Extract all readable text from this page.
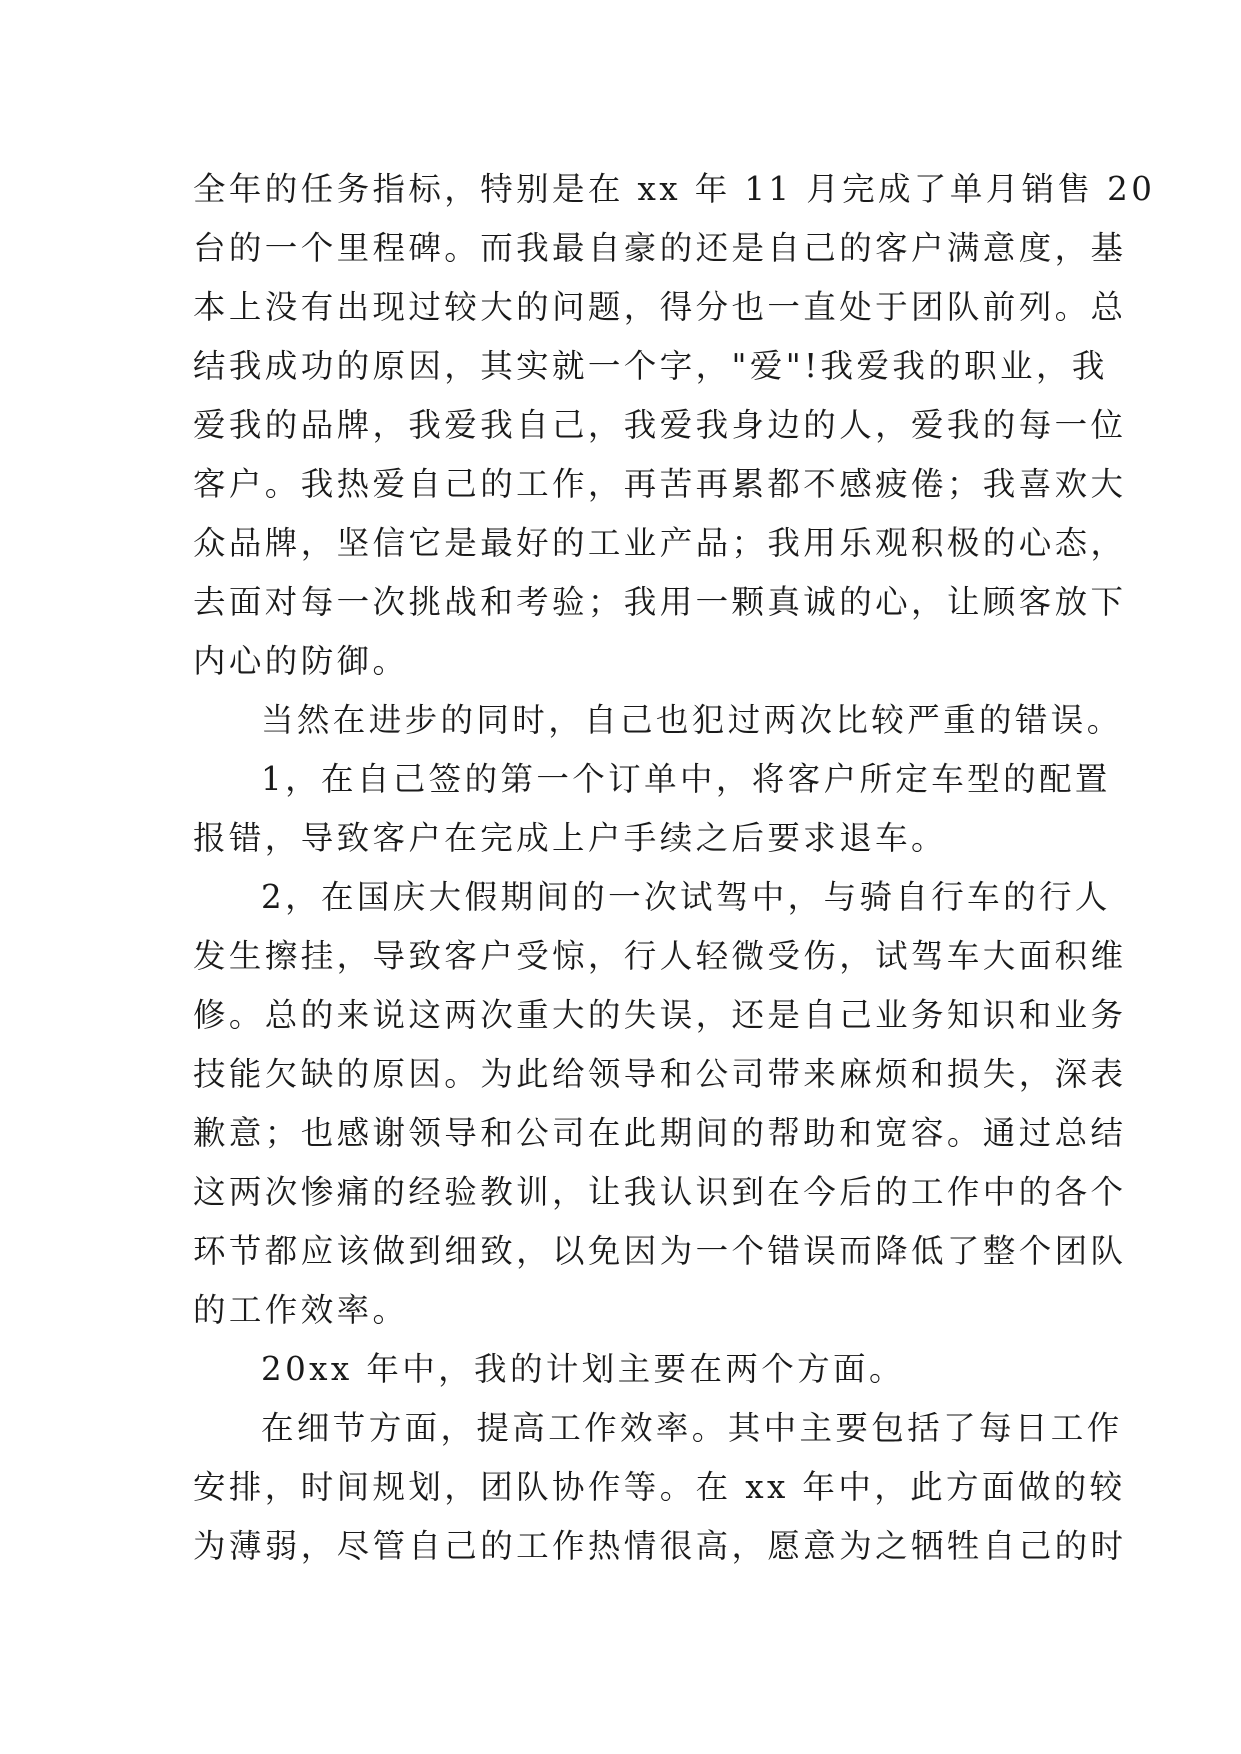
全年的任务指标，特别是在 xx 年 11 月完成了单月销售 20
台的一个里程碑。而我最自豪的还是自己的客户满意度，基
本上没有出现过较大的问题，得分也一直处于团队前列。总
结我成功的原因，其实就一个字，"爱"!我爱我的职业，我
爱我的品牌，我爱我自己，我爱我身边的人，爱我的每一位
客户。我热爱自己的工作，再苦再累都不感疲倦；我喜欢大
众品牌，坚信它是最好的工业产品；我用乐观积极的心态，
去面对每一次挑战和考验；我用一颗真诚的心，让顾客放下
内心的防御。

当然在进步的同时，自己也犯过两次比较严重的错误。

1，在自己签的第一个订单中，将客户所定车型的配置
报错，导致客户在完成上户手续之后要求退车。

2，在国庆大假期间的一次试驾中，与骑自行车的行人
发生擦挂，导致客户受惊，行人轻微受伤，试驾车大面积维
修。总的来说这两次重大的失误，还是自己业务知识和业务
技能欠缺的原因。为此给领导和公司带来麻烦和损失，深表
歉意；也感谢领导和公司在此期间的帮助和宽容。通过总结
这两次惨痛的经验教训，让我认识到在今后的工作中的各个
环节都应该做到细致，以免因为一个错误而降低了整个团队
的工作效率。

20xx 年中，我的计划主要在两个方面。

在细节方面，提高工作效率。其中主要包括了每日工作
安排，时间规划，团队协作等。在 xx 年中，此方面做的较
为薄弱，尽管自己的工作热情很高，愿意为之牺牲自己的时
